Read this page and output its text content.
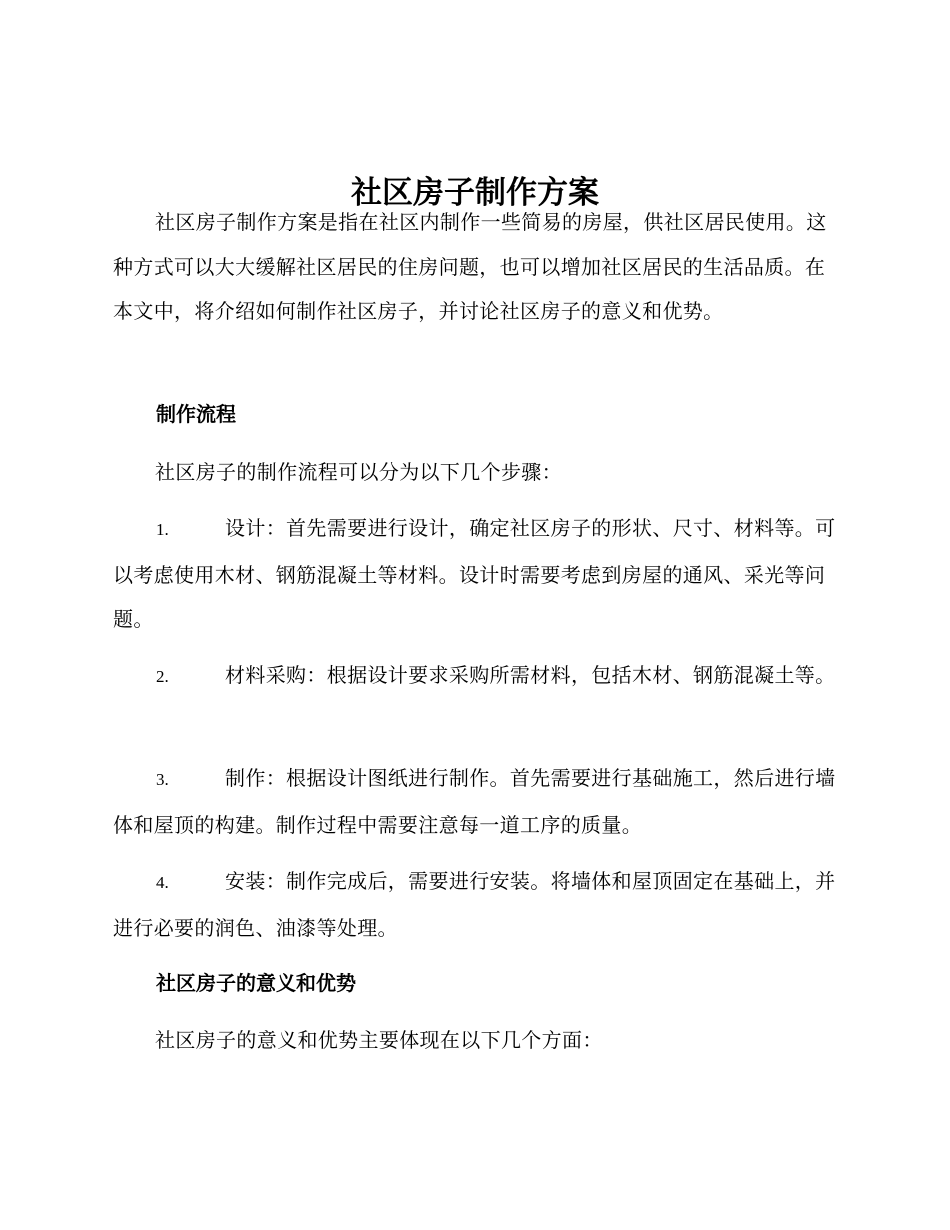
社区房子制作方案

社区房子制作方案是指在社区内制作一些简易的房屋，供社区居民使用。这种方式可以大大缓解社区居民的住房问题，也可以增加社区居民的生活品质。在本文中，将介绍如何制作社区房子，并讨论社区房子的意义和优势。

制作流程

社区房子的制作流程可以分为以下几个步骤：

1.	设计：首先需要进行设计，确定社区房子的形状、尺寸、材料等。可以考虑使用木材、钢筋混凝土等材料。设计时需要考虑到房屋的通风、采光等问题。

2.	材料采购：根据设计要求采购所需材料，包括木材、钢筋混凝土等。

3.	制作：根据设计图纸进行制作。首先需要进行基础施工，然后进行墙体和屋顶的构建。制作过程中需要注意每一道工序的质量。

4.	安装：制作完成后，需要进行安装。将墙体和屋顶固定在基础上，并进行必要的润色、油漆等处理。

社区房子的意义和优势

社区房子的意义和优势主要体现在以下几个方面：
